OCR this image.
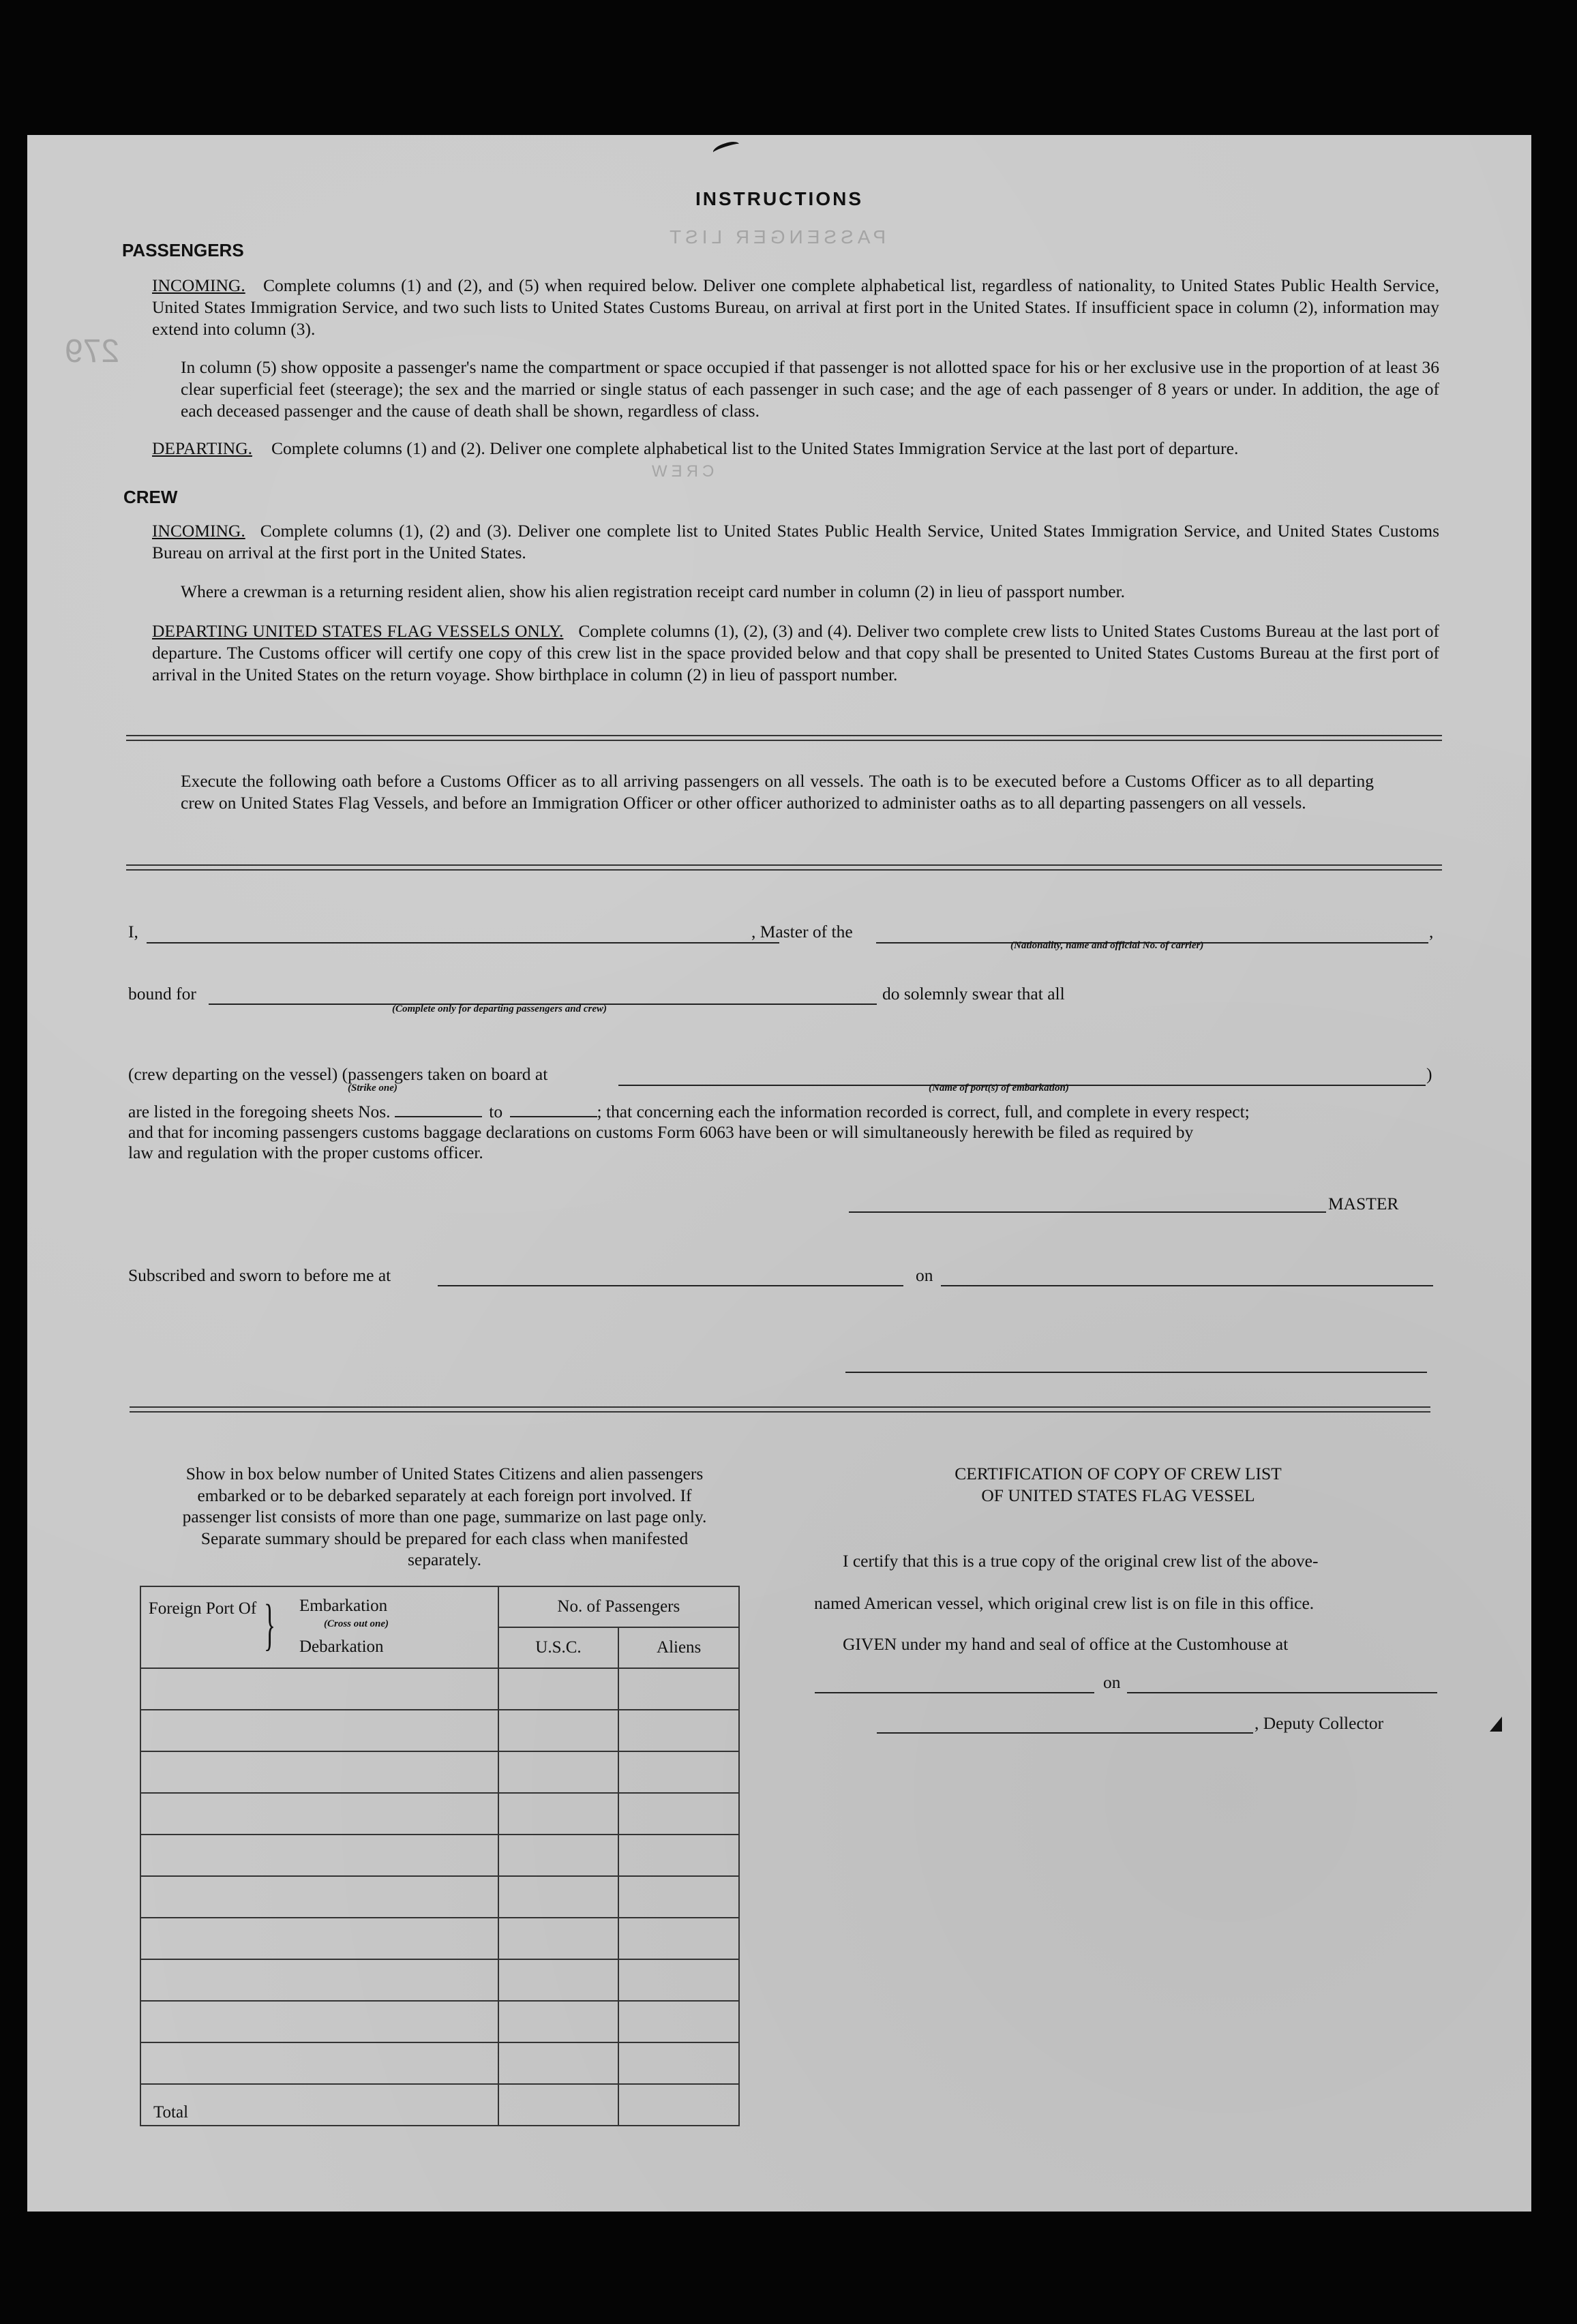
PASSENGER LIST
CREW
279
INSTRUCTIONS
PASSENGERS
INCOMING.	Complete columns (1) and (2), and (5) when required below. Deliver one complete alphabetical list, regardless of nationality, to United States Public Health Service, United States Immigration Service, and two such lists to United States Customs Bureau, on arrival at first port in the United States. If insufficient space in column (2), information may extend into column (3).
In column (5) show opposite a passenger's name the compartment or space occupied if that passenger is not allotted space for his or her exclusive use in the proportion of at least 36 clear superficial feet (steerage); the sex and the married or single status of each passenger in such case; and the age of each passenger of 8 years or under. In addition, the age of each deceased passenger and the cause of death shall be shown, regardless of class.
DEPARTING. Complete columns (1) and (2). Deliver one complete alphabetical list to the United States Immigration Service at the last port of departure.
CREW
INCOMING. Complete columns (1), (2) and (3). Deliver one complete list to United States Public Health Service, United States Immigration Service, and United States Customs Bureau on arrival at the first port in the United States.
Where a crewman is a returning resident alien, show his alien registration receipt card number in column (2) in lieu of passport number.
DEPARTING UNITED STATES FLAG VESSELS ONLY. Complete columns (1), (2), (3) and (4). Deliver two complete crew lists to United States Customs Bureau at the last port of departure. The Customs officer will certify one copy of this crew list in the space provided below and that copy shall be presented to United States Customs Bureau at the first port of arrival in the United States on the return voyage. Show birthplace in column (2) in lieu of passport number.
Execute the following oath before a Customs Officer as to all arriving passengers on all vessels. The oath is to be executed before a Customs Officer as to all departing crew on United States Flag Vessels, and before an Immigration Officer or other officer authorized to administer oaths as to all departing passengers on all vessels.
I,	, Master of the	,
(Nationality, name and official No. of carrier)
bound for
(Complete only for departing passengers and crew)
do solemnly swear that all
(crew departing on the vessel) (passengers taken on board at
(Strike one)
)
(Name of port(s) of embarkation)
are listed in the foregoing sheets Nos.	to	; that concerning each the information recorded is correct, full, and complete in every respect;
and that for incoming passengers customs baggage declarations on customs Form 6063 have been or will simultaneously herewith be filed as required by
law and regulation with the proper customs officer.
MASTER
Subscribed and sworn to before me at	on
Show in box below number of United States Citizens and alien passengers embarked or to be debarked separately at each foreign port involved. If passenger list consists of more than one page, summarize on last page only. Separate summary should be prepared for each class when manifested separately.
Foreign Port Of } Embarkation
(Cross out one)
Debarkation	No. of Passengers	
	U.S.C.	Aliens

Total		
CERTIFICATION OF COPY OF CREW LIST
OF UNITED STATES FLAG VESSEL
I certify that this is a true copy of the original crew list of the above-
named American vessel, which original crew list is on file in this office.
GIVEN under my hand and seal of office at the Customhouse at
on
, Deputy Collector
